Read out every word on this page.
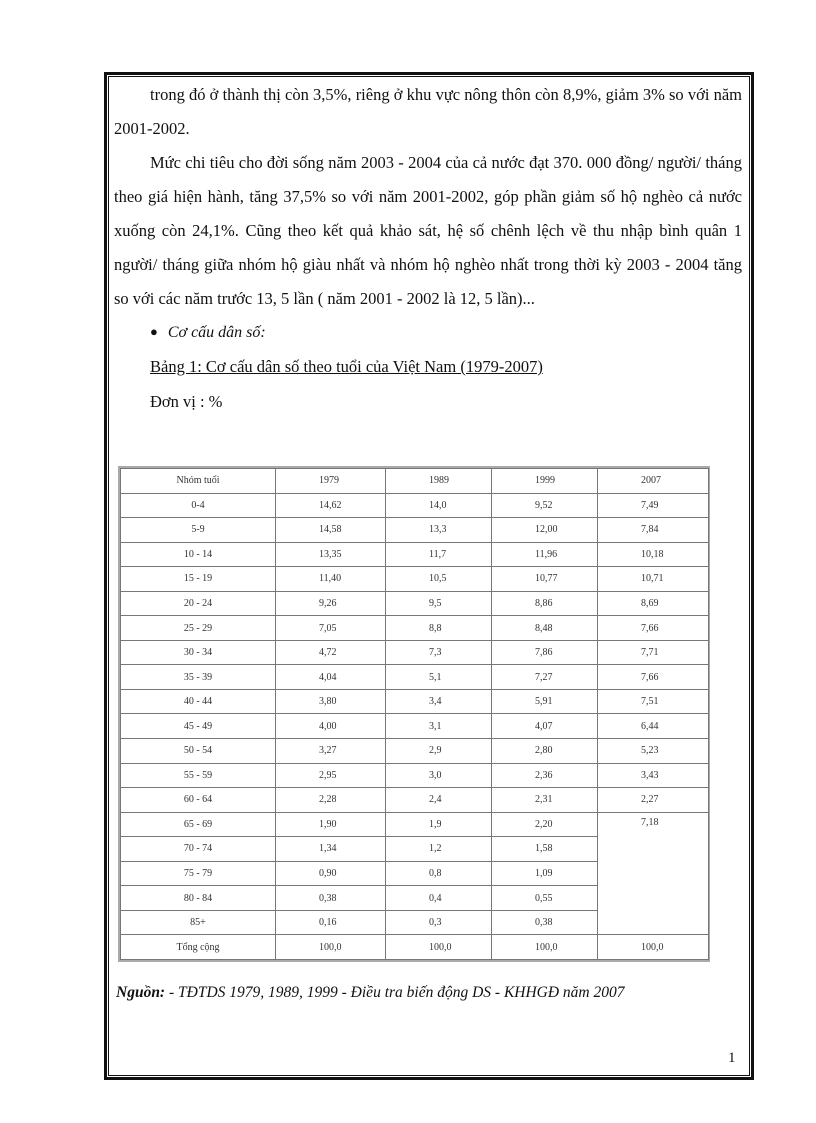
trong đó ở thành thị còn 3,5%, riêng ở khu vực nông thôn còn 8,9%, giảm 3% so với năm 2001-2002.

Mức chi tiêu cho đời sống năm 2003 - 2004 của cả nước đạt 370. 000 đồng/ người/ tháng theo giá hiện hành, tăng 37,5% so với năm 2001-2002, góp phần giảm số hộ nghèo cả nước xuống còn 24,1%. Cũng theo kết quả khảo sát, hệ số chênh lệch về thu nhập bình quân 1 người/ tháng giữa nhóm hộ giàu nhất và nhóm hộ nghèo nhất trong thời kỳ 2003 - 2004 tăng so với các năm trước 13, 5 lần ( năm 2001 - 2002 là 12, 5 lần)...

● Cơ cấu dân số:

Bảng 1: Cơ cấu dân số theo tuổi của Việt Nam (1979-2007)

Đơn vị : %

Nhóm tuổi	1979	1989	1999	2007
0-4	14,62	14,0	9,52	7,49
5-9	14,58	13,3	12,00	7,84
10 - 14	13,35	11,7	11,96	10,18
15 - 19	11,40	10,5	10,77	10,71
20 - 24	9,26	9,5	8,86	8,69
25 - 29	7,05	8,8	8,48	7,66
30 - 34	4,72	7,3	7,86	7,71
35 - 39	4,04	5,1	7,27	7,66
40 - 44	3,80	3,4	5,91	7,51
45 - 49	4,00	3,1	4,07	6,44
50 - 54	3,27	2,9	2,80	5,23
55 - 59	2,95	3,0	2,36	3,43
60 - 64	2,28	2,4	2,31	2,27
65 - 69	1,90	1,9	2,20	7,18
70 - 74	1,34	1,2	1,58	
75 - 79	0,90	0,8	1,09	
80 - 84	0,38	0,4	0,55	
85+	0,16	0,3	0,38	
Tổng cộng	100,0	100,0	100,0	100,0
Nguồn: - TĐTDS 1979, 1989, 1999 - Điều tra biến động DS - KHHGĐ năm 2007
1
